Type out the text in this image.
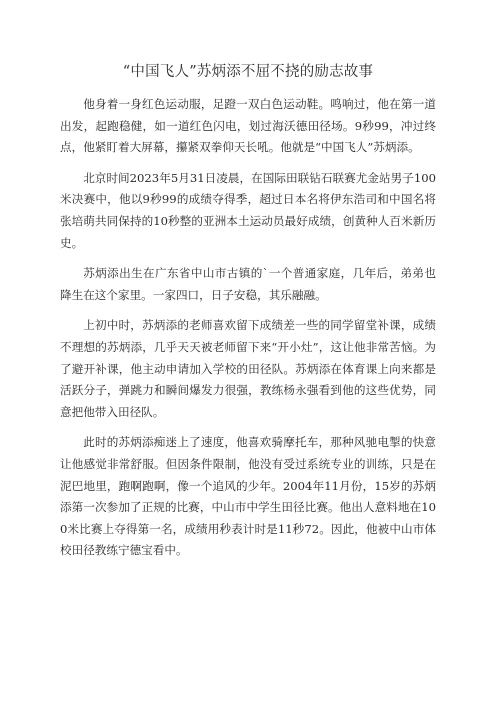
“中国飞人”苏炳添不屈不挠的励志故事

他身着一身红色运动服，足蹬一双白色运动鞋。鸣响过，他在第一道出发，起跑稳健，如一道红色闪电，划过海沃德田径场。9秒99，冲过终点，他紧盯着大屏幕，攥紧双拳仰天长吼。他就是“中国飞人”苏炳添。

北京时间2023年5月31日凌晨，在国际田联钻石联赛尤金站男子100米决赛中，他以9秒99的成绩夺得季，超过日本名将伊东浩司和中国名将张培萌共同保持的10秒整的亚洲本土运动员最好成绩，创黄种人百米新历史。

苏炳添出生在广东省中山市古镇的`一个普通家庭，几年后，弟弟也降生在这个家里。一家四口，日子安稳，其乐融融。

上初中时，苏炳添的老师喜欢留下成绩差一些的同学留堂补课，成绩不理想的苏炳添，几乎天天被老师留下来“开小灶”，这让他非常苦恼。为了避开补课，他主动申请加入学校的田径队。苏炳添在体育课上向来都是活跃分子，弹跳力和瞬间爆发力很强，教练杨永强看到他的这些优势，同意把他带入田径队。

此时的苏炳添痴迷上了速度，他喜欢骑摩托车，那种风驰电掣的快意让他感觉非常舒服。但因条件限制，他没有受过系统专业的训练，只是在泥巴地里，跑啊跑啊，像一个追风的少年。2004年11月份，15岁的苏炳添第一次参加了正规的比赛，中山市中学生田径比赛。他出人意料地在100米比赛上夺得第一名，成绩用秒表计时是11秒72。因此，他被中山市体校田径教练宁德宝看中。
